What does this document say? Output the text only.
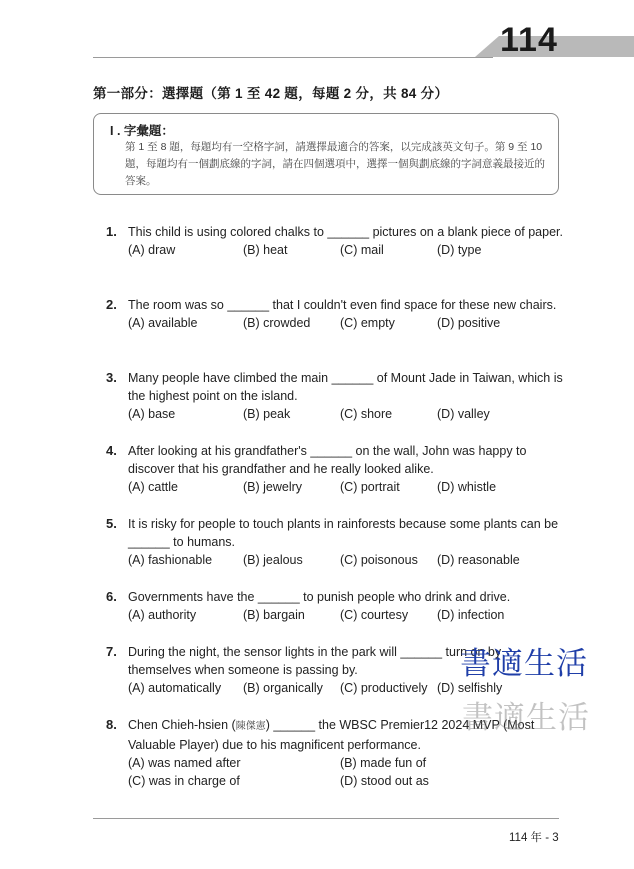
114
第一部分：選擇題（第 1 至 42 題，每題 2 分，共 84 分）
I . 字彙題：
第 1 至 8 題，每題均有一空格字詞，請選擇最適合的答案，以完成該英文句子。第 9 至 10 題，每題均有一個劃底線的字詞，請在四個選項中，選擇一個與劃底線的字詞意義最接近的答案。
1. This child is using colored chalks to ______ pictures on a blank piece of paper.
(A) draw	(B) heat	(C) mail	(D) type
2. The room was so ______ that I couldn't even find space for these new chairs.
(A) available	(B) crowded (C) empty	(D) positive
3. Many people have climbed the main ______ of Mount Jade in Taiwan, which is the highest point on the island.
(A) base	(B) peak	(C) shore	(D) valley
4. After looking at his grandfather's ______ on the wall, John was happy to discover that his grandfather and he really looked alike.
(A) cattle	(B) jewelry	(C) portrait	(D) whistle
5. It is risky for people to touch plants in rainforests because some plants can be ______ to humans.
(A) fashionable (B) jealous	(C) poisonous (D) reasonable
6. Governments have the ______ to punish people who drink and drive.
(A) authority	(B) bargain	(C) courtesy (D) infection
7. During the night, the sensor lights in the park will ______ turn on by themselves when someone is passing by.
(A) automatically (B) organically (C) productively (D) selfishly
8. Chen Chieh-hsien (陳傑憲) ______ the WBSC Premier12 2024 MVP (Most Valuable Player) due to his magnificent performance.
(A) was named after	(B) made fun of
(C) was in charge of	(D) stood out as
書適生活
書適生活
114 年 - 3
